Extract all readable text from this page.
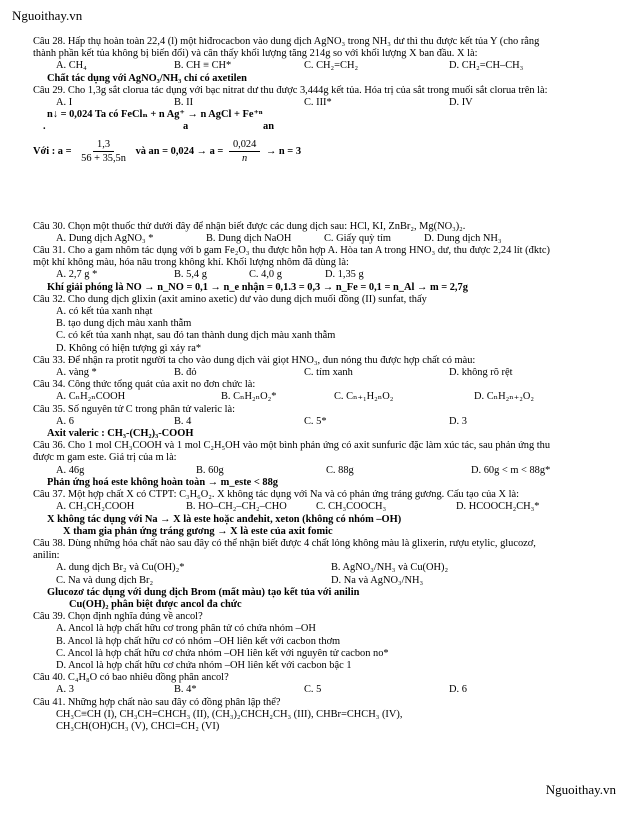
Nguoithay.vn
Câu 28. Hấp thụ hoàn toàn 22,4 (l) một hiđrocacbon vào dung dịch AgNO₃ trong NH₃ dư thì thu được kết tủa Y (cho rằng
thành phần kết tủa không bị biến đổi) và cân thấy khối lượng tăng 214g so với khối lượng X ban đầu. X là:
A. CH₄	B. CH ≡ CH*	C. CH₂=CH₂	D. CH₂=CH–CH₃
Chất tác dụng với AgNO₃/NH₃ chỉ có axetilen
Câu 29. Cho 1,3g sắt clorua tác dụng với bạc nitrat dư thu được 3,444g kết tủa. Hóa trị của sắt trong muối sắt clorua trên là:
A. I	B. II	C. III*	D. IV
n↓ = 0,024 Ta có FeClₙ + n Ag⁺ → n AgCl + Fe⁺ⁿ
.	a	an
Với : $a = \frac{1,3}{56 + 35,5n}$ và an = $0,024 \to a = \frac{0,024}{n} \to n = 3$
Câu 30. Chọn một thuốc thử dưới đây để nhận biết được các dung dịch sau: HCl, KI, ZnBr₂, Mg(NO₃)₂.
A. Dung dịch AgNO₃ *	B. Dung dịch NaOH	C. Giấy quỳ tím	D. Dung dịch NH₃
Câu 31. Cho a gam nhôm tác dụng với b gam Fe₂O₃ thu được hỗn hợp A. Hòa tan A trong HNO₃ dư, thu được 2,24 lít (đktc)
một khí không màu, hóa nâu trong không khí. Khối lượng nhôm đã dùng là:
A. 2,7 g *	B. 5,4 g	C. 4,0 g	D. 1,35 g
Khí giải phóng là NO → n_NO = 0,1 → n_e nhận = 0,1.3 = 0,3 → n_Fe = 0,1 = n_Al → m = 2,7g
Câu 32. Cho dung dịch glixin (axit amino axetic) dư vào dung dịch muối đồng (II) sunfat, thấy
A. có kết tủa xanh nhạt
B. tạo dung dịch màu xanh thẫm
C. có kết tủa xanh nhạt, sau đó tan thành dung dịch màu xanh thẫm
D. Không có hiện tượng gì xảy ra*
Câu 33. Để nhận ra protit người ta cho vào dung dịch vài giọt HNO₃, đun nóng thu được hợp chất có màu:
A. vàng *	B. đỏ	C. tím xanh	D. không rõ rệt
Câu 34. Công thức tổng quát của axit no đơn chức là:
A. CₙH₂ₙCOOH	B. CₙH₂ₙO₂*	C. Cₙ₊₁H₂ₙO₂	D. CₙH₂ₙ₊₂O₂
Câu 35. Số nguyên tử C trong phân tử valeric là:
A. 6	B. 4	C. 5*	D. 3
Axit valeric : CH₃-(CH₂)₃-COOH
Câu 36. Cho 1 mol CH₃COOH và 1 mol C₂H₅OH vào một bình phản ứng có axit sunfuric đặc làm xúc tác, sau phản ứng thu
được m gam este. Giá trị của m là:
A. 46g	B. 60g	C. 88g	D. 60g < m < 88g*
Phản ứng hoá este không hoàn toàn → m_este < 88g
Câu 37. Một hợp chất X có CTPT: C₃H₆O₂. X không tác dụng với Na và có phản ứng tráng gương. Cấu tạo của X là:
A. CH₃CH₂COOH	B. HO–CH₂–CH₂–CHO	C. CH₃COOCH₃	D. HCOOCH₂CH₃*
X không tác dụng với Na → X là este hoặc anđehit, xeton (không có nhóm –OH)
X tham gia phản ứng tráng gương → X là este của axit fomic
Câu 38. Dùng những hóa chất nào sau đây có thể nhận biết được 4 chất lỏng không màu là glixerin, rượu etylic, glucozơ,
anilin:
A. dung dịch Br₂ và Cu(OH)₂*	B. AgNO₃/NH₃ và Cu(OH)₂
C. Na và dung dịch Br₂	D. Na và AgNO₃/NH₃
Glucozơ tác dụng với dung dịch Brom (mất màu) tạo kết tủa với anilin
Cu(OH)₂ phân biệt được ancol đa chức
Câu 39. Chọn định nghĩa đúng về ancol?
A. Ancol là hợp chất hữu cơ trong phân tử có chứa nhóm –OH
B. Ancol là hợp chất hữu cơ có nhóm –OH liên kết với cacbon thơm
C. Ancol là hợp chất hữu cơ chứa nhóm –OH liên kết với nguyên tử cacbon no*
D. Ancol là hợp chất hữu cơ chứa nhóm –OH liên kết với cacbon bậc 1
Câu 40. C₄H₈O có bao nhiêu đồng phân ancol?
A. 3	B. 4*	C. 5	D. 6
Câu 41. Những hợp chất nào sau đây có đồng phân lập thể?
CH₃C≡CH (I), CH₃CH=CHCH₃ (II), (CH₃)₂CHCH₂CH₃ (III), CHBr=CHCH₃ (IV),
CH₃CH(OH)CH₃ (V), CHCl=CH₂ (VI)
Nguoithay.vn
